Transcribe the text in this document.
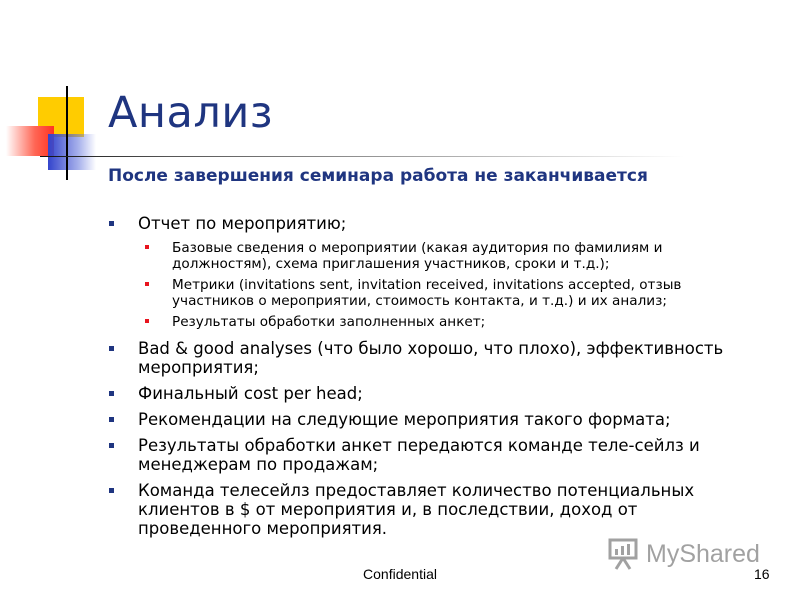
Анализ
После завершения семинара работа не заканчивается
Отчет по мероприятию;
Базовые сведения о мероприятии (какая аудитория по фамилиям и должностям), схема приглашения участников, сроки и т.д.);
Метрики (invitations sent, invitation received, invitations accepted, отзыв участников о мероприятии, стоимость контакта, и т.д.) и их анализ;
Результаты обработки заполненных анкет;
Bad & good analyses (что было хорошо, что плохо), эффективность мероприятия;
Финальный cost per head;
Рекомендации на следующие мероприятия такого формата;
Результаты обработки анкет передаются команде теле-сейлз и менеджерам по продажам;
Команда телесейлз предоставляет количество потенциальных клиентов в $ от мероприятия и, в последствии, доход от проведенного мероприятия.
MyShared
Confidential	16
